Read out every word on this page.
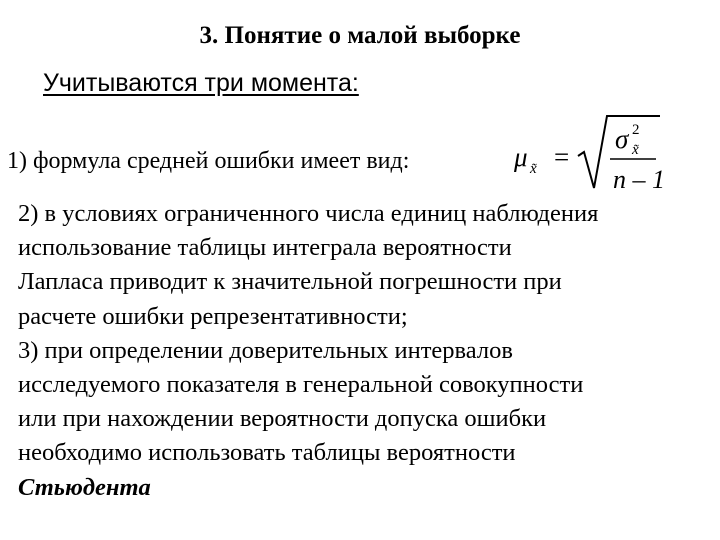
3. Понятие о малой выборке
Учитываются три момента:
1) формула средней ошибки имеет вид:	μ x̃ =
σ 2
x̃
n – 1

2) в условиях ограниченного числа единиц наблюдения

использование таблицы интеграла вероятности

Лапласа приводит к значительной погрешности при

расчете ошибки репрезентативности;

3) при определении доверительных интервалов

исследуемого показателя в генеральной совокупности

или при нахождении вероятности допуска ошибки

необходимо использовать таблицы вероятности

Стьюдента
